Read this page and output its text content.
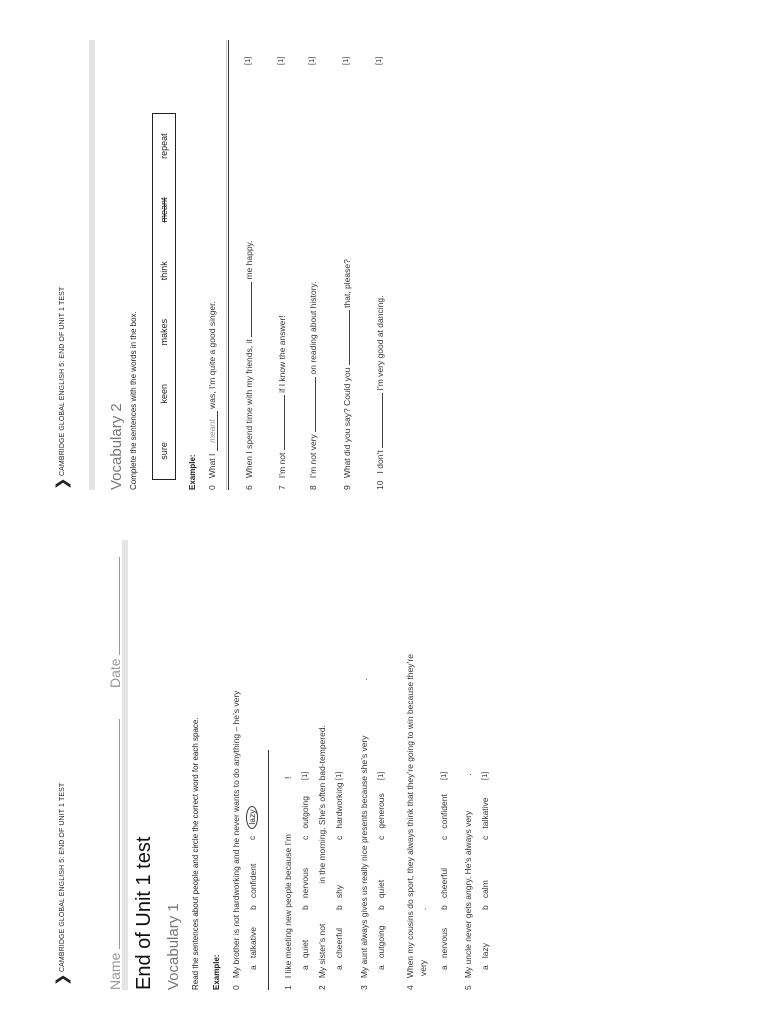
❯
CAMBRIDGE GLOBAL ENGLISH 5: END OF UNIT 1 TEST	Name
Date
End of Unit 1 test Vocabulary 1 Read the sentences about people and circle the correct word for each space. Example: 0   My brother is not hardworking and he never wants to do anything – he’s very a   talkative
b   confident
c   lazy
1   I like meeting new people because I’m!
a   quiet
b   nervous
c   outgoing
[1]
2   My sister’s notin the morning. She’s often bad-tempered.
a   cheerful
b   shy
c   hardworking
[1]
3   My aunt always gives us really nice presents because she’s very.
a   outgoing
b   quiet
c   generous
[1]
4   When my cousins do sport, they always think that they’re going to win because they’re very.
a   nervous
b   cheerful
c   confident
[1]
5   My uncle never gets angry. He’s always very.
a   lazy
b   calm
c   talkative
[1]
❯
CAMBRIDGE GLOBAL ENGLISH 5: END OF UNIT 1 TEST	Vocabulary 2 Complete the sentences with the words in the box. sure
keen
makes
think
meant
repeat
Example: 0   What I meant was, I’m quite a good singer.
6   When I spend time with my friends, it  me happy.
[1]
7   I’m not  if I know the answer!
[1]
8   I’m not very  on reading about history.
[1]
9   What did you say? Could you  that, please?
[1]
10   I don’t  I’m very good at dancing.
[1]
